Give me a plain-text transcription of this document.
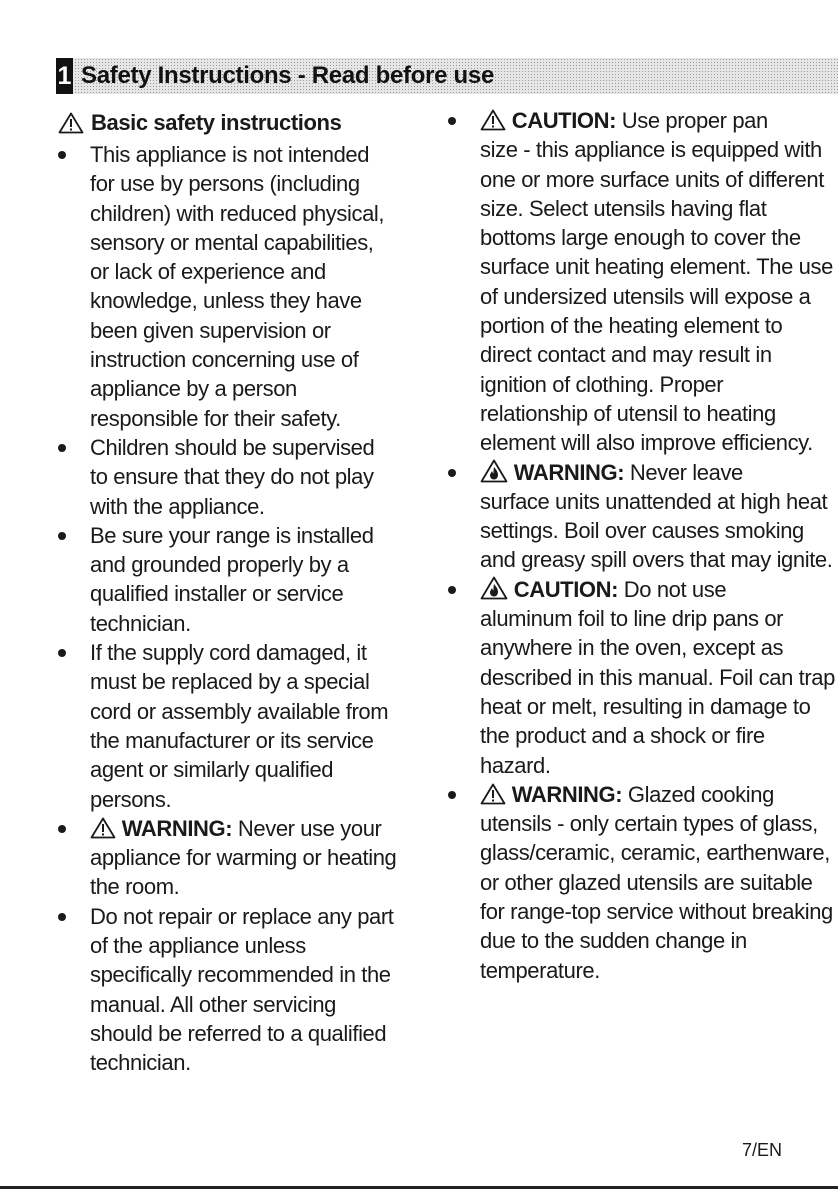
1 Safety Instructions - Read before use
Basic safety instructions
This appliance is not intended for use by persons (including children) with reduced physical, sensory or mental capabilities, or lack of experience and knowledge, unless they have been given supervision or instruction concerning use of appliance by a person responsible for their safety.
Children should be supervised to ensure that they do not play with the appliance.
Be sure your range is installed and grounded properly by a qualified installer or service technician.
If the supply cord damaged, it must be replaced by a special cord or assembly available from the manufacturer or its service agent or similarly qualified persons.
WARNING: Never use your appliance for warming or heating the room.
Do not repair or replace any part of the appliance unless specifically recommended in the manual. All other servicing should be referred to a qualified technician.
CAUTION: Use proper pan
size - this appliance is equipped with one or more surface units of different size. Select utensils having flat bottoms large enough to cover the surface unit heating element. The use of undersized utensils will expose a portion of the heating element to direct contact and may result in ignition of clothing. Proper relationship of utensil to heating element will also improve efficiency.
WARNING: Never leave
surface units unattended at high heat settings. Boil over causes smoking and greasy spill overs that may ignite.
CAUTION: Do not use
aluminum foil to line drip pans or anywhere in the oven, except as described in this manual. Foil can trap heat or melt, resulting in damage to the product and a shock or fire hazard.
WARNING: Glazed cooking
utensils - only certain types of glass, glass/ceramic, ceramic, earthenware, or other glazed utensils are suitable for range-top service without breaking due to the sudden change in temperature.
7/EN
